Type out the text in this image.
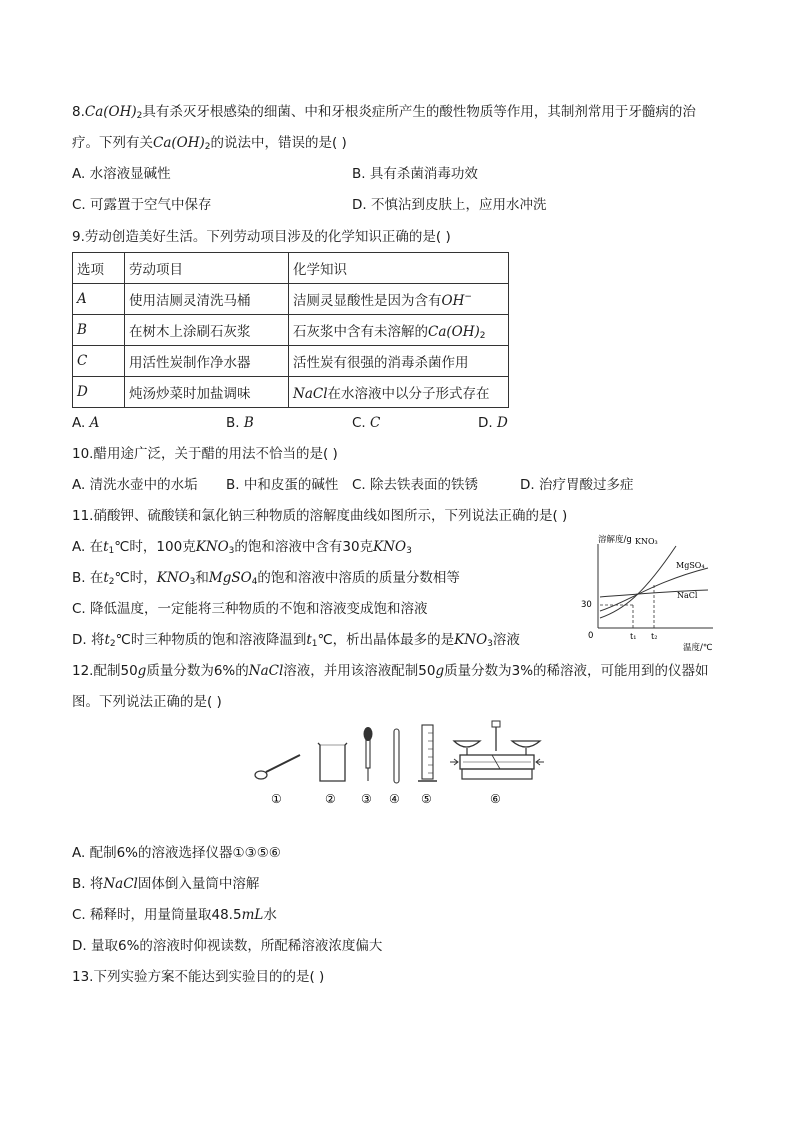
$8.Ca(OH)_2$具有杀灭牙根感染的细菌、中和牙根炎症所产生的酸性物质等作用，其制剂常用于牙髓病的治
疗。下列有关$Ca(OH)_2$的说法中，错误的是( )
A. 水溶液显碱性	B. 具有杀菌消毒功效
C. 可露置于空气中保存	D. 不慎沾到皮肤上，应用水冲洗
9.劳动创造美好生活。下列劳动项目涉及的化学知识正确的是( )
选项	劳动项目	化学知识
A	使用洁厕灵清洗马桶	洁厕灵显酸性是因为含有OH−
B	在树木上涂刷石灰浆	石灰浆中含有未溶解的$Ca(OH)_2$
C	用活性炭制作净水器	活性炭有很强的消毒杀菌作用
D	炖汤炒菜时加盐调味	NaCl在水溶液中以分子形式存在
A. A	B. B	C. C	D. D
10.醋用途广泛，关于醋的用法不恰当的是( )
A. 清洗水壶中的水垢 B. 中和皮蛋的碱性 C. 除去铁表面的铁锈	D. 治疗胃酸过多症
11.硝酸钾、硫酸镁和氯化钠三种物质的溶解度曲线如图所示，下列说法正确的是( )
A. 在$t_1℃$时，100克$KNO_3$的饱和溶液中含有30克$KNO_3$
B. 在$t_2℃$时，$KNO_3$和MgSO$_4$的饱和溶液中溶质的质量分数相等
C. 降低温度，一定能将三种物质的不饱和溶液变成饱和溶液
D. 将$t_2℃$时三种物质的饱和溶液降温到$t_1℃$，析出晶体最多的是$KNO_3$溶液
溶解度/g
0
30
KNO₃
MgSO₄
NaCl
t₁ t₂
温度/℃
12.配制50g质量分数为6%的NaCl溶液，并用该溶液配制50g质量分数为3%的稀溶液，可能用到的仪器如
图。下列说法正确的是( )
①	② ③ ④ ⑤	⑥
A. 配制6%的溶液选择仪器①③⑤⑥
B. 将NaCl固体倒入量筒中溶解
C. 稀释时，用量筒量取48.5mL水
D. 量取6%的溶液时仰视读数，所配稀溶液浓度偏大
13.下列实验方案不能达到实验目的的是( )
